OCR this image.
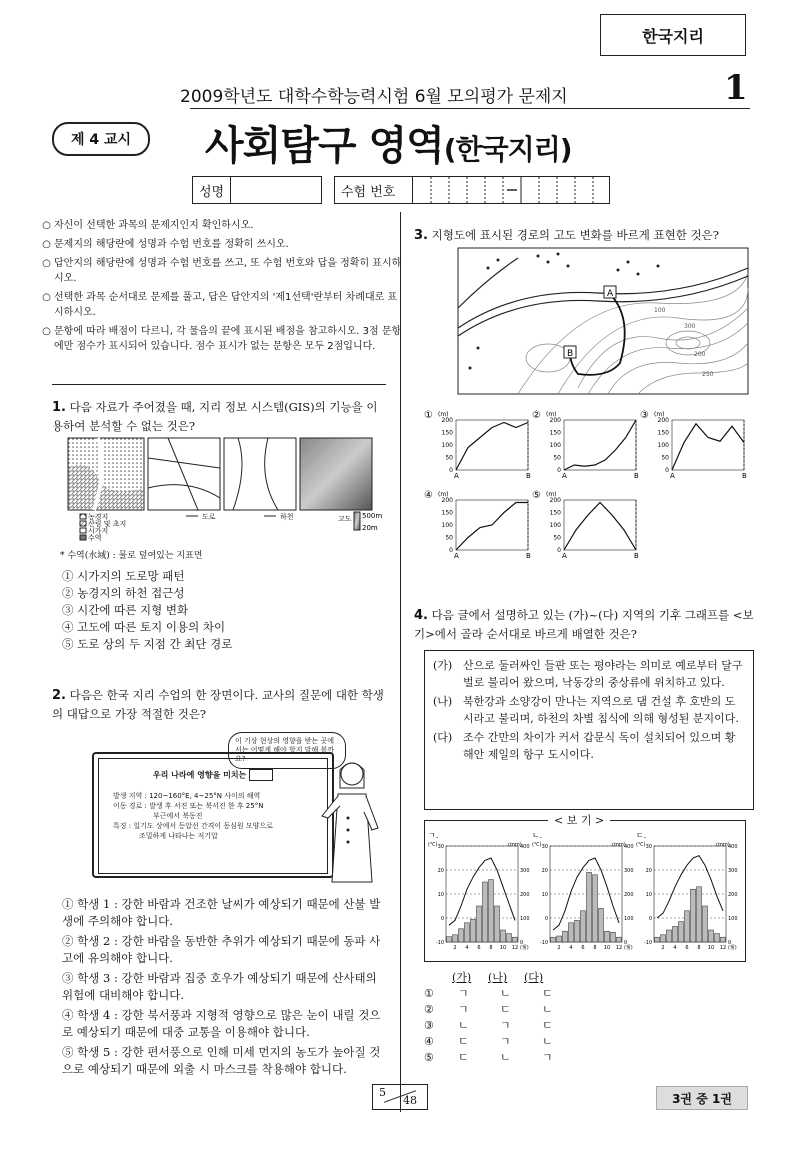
한국지리
2009학년도 대학수학능력시험 6월 모의평가 문제지	1
제 4 교시	사회탐구 영역(한국지리)
성명	수험 번호
○ 자신이 선택한 과목의 문제지인지 확인하시오.
○ 문제지의 해당란에 성명과 수험 번호를 정확히 쓰시오.
○ 답안지의 해당란에 성명과 수험 번호를 쓰고, 또 수험 번호와 답을 정확히 표시하시오.
○ 선택한 과목 순서대로 문제를 풀고, 답은 답안지의 '제1선택'란부터 차례대로 표시하시오.
○ 문항에 따라 배점이 다르니, 각 물음의 끝에 표시된 배점을 참고하시오. 3점 문항에만 점수가 표시되어 있습니다. 점수 표시가 없는 문항은 모두 2점입니다.
1. 다음 자료가 주어졌을 때, 지리 정보 시스템(GIS)의 기능을 이용하여 분석할 수 없는 것은?
농경지
산림 및 초지
시가지
수역
도로	하천	고도 500m
20m
* 수역(水域) : 물로 덮여있는 지표면
① 시가지의 도로망 패턴
② 농경지의 하천 접근성
③ 시간에 따른 지형 변화
④ 고도에 따른 토지 이용의 차이
⑤ 도로 상의 두 지점 간 최단 경로
2. 다음은 한국 지리 수업의 한 장면이다. 교사의 질문에 대한 학생의 대답으로 가장 적절한 것은?
이 기상 현상의 영향을 받는 곳에서는 어떻게 해야 할지 말해 볼까요?
우리 나라에 영향을 미치는
발생 지역 : 120~160°E, 4~25°N 사이의 해역
이동 경로 : 발생 후 서진 또는 북서진 한 후 25°N
부근에서 북동진
특징 : 일기도 상에서 등압선 간격이 동심원 모양으로
조밀하게 나타나는 저기압
① 학생 1 : 강한 바람과 건조한 날씨가 예상되기 때문에 산불 발생에 주의해야 합니다.
② 학생 2 : 강한 바람을 동반한 추위가 예상되기 때문에 동파 사고에 유의해야 합니다.
③ 학생 3 : 강한 바람과 집중 호우가 예상되기 때문에 산사태의 위험에 대비해야 합니다.
④ 학생 4 : 강한 북서풍과 지형적 영향으로 많은 눈이 내릴 것으로 예상되기 때문에 대중 교통을 이용해야 합니다.
⑤ 학생 5 : 강한 편서풍으로 인해 미세 먼지의 농도가 높아질 것으로 예상되기 때문에 외출 시 마스크를 착용해야 합니다.
3. 지형도에 표시된 경로의 고도 변화를 바르게 표현한 것은?
A
B
100
200
250
300
① (m)
200
150
100
50
0
A	B
② (m)
200
150
100
50
0
A	B
③ (m)
200
150
100
50
0
A	B
④ (m)
200
150
100
50
0
A	B
⑤ (m)
200
150
100
50
0
A	B
4. 다음 글에서 설명하고 있는 (가)~(다) 지역의 기후 그래프를 <보기>에서 골라 순서대로 바르게 배열한 것은?
(가) 산으로 둘러싸인 들판 또는 평야라는 의미로 예로부터 달구벌로 불리어 왔으며, 낙동강의 중상류에 위치하고 있다.
(나) 북한강과 소양강이 만나는 지역으로 댐 건설 후 호반의 도시라고 불리며, 하천의 차별 침식에 의해 형성된 분지이다.
(다) 조수 간만의 차이가 커서 갑문식 독이 설치되어 있으며 황해안 제일의 항구 도시이다.
< 보 기 >
ㄱ.
(℃)	(mm)
30
20
10
0
-10
400
300
200
100
0
2 4 6 8 10 12 (월)
ㄴ.
(℃)	(mm)
30
20
10
0
-10
400
300
200
100
0
2 4 6 8 10 12 (월)
ㄷ.
(℃)	(mm)
30
20
10
0
-10
400
300
200
100
0
2 4 6 8 10 12 (월)
(가)	(나)	(다)
①	ㄱ	ㄴ	ㄷ
②	ㄱ	ㄷ	ㄴ
③	ㄴ	ㄱ	ㄷ
④	ㄷ	ㄱ	ㄴ
⑤	ㄷ	ㄴ	ㄱ
5
48	3권 중 1권
